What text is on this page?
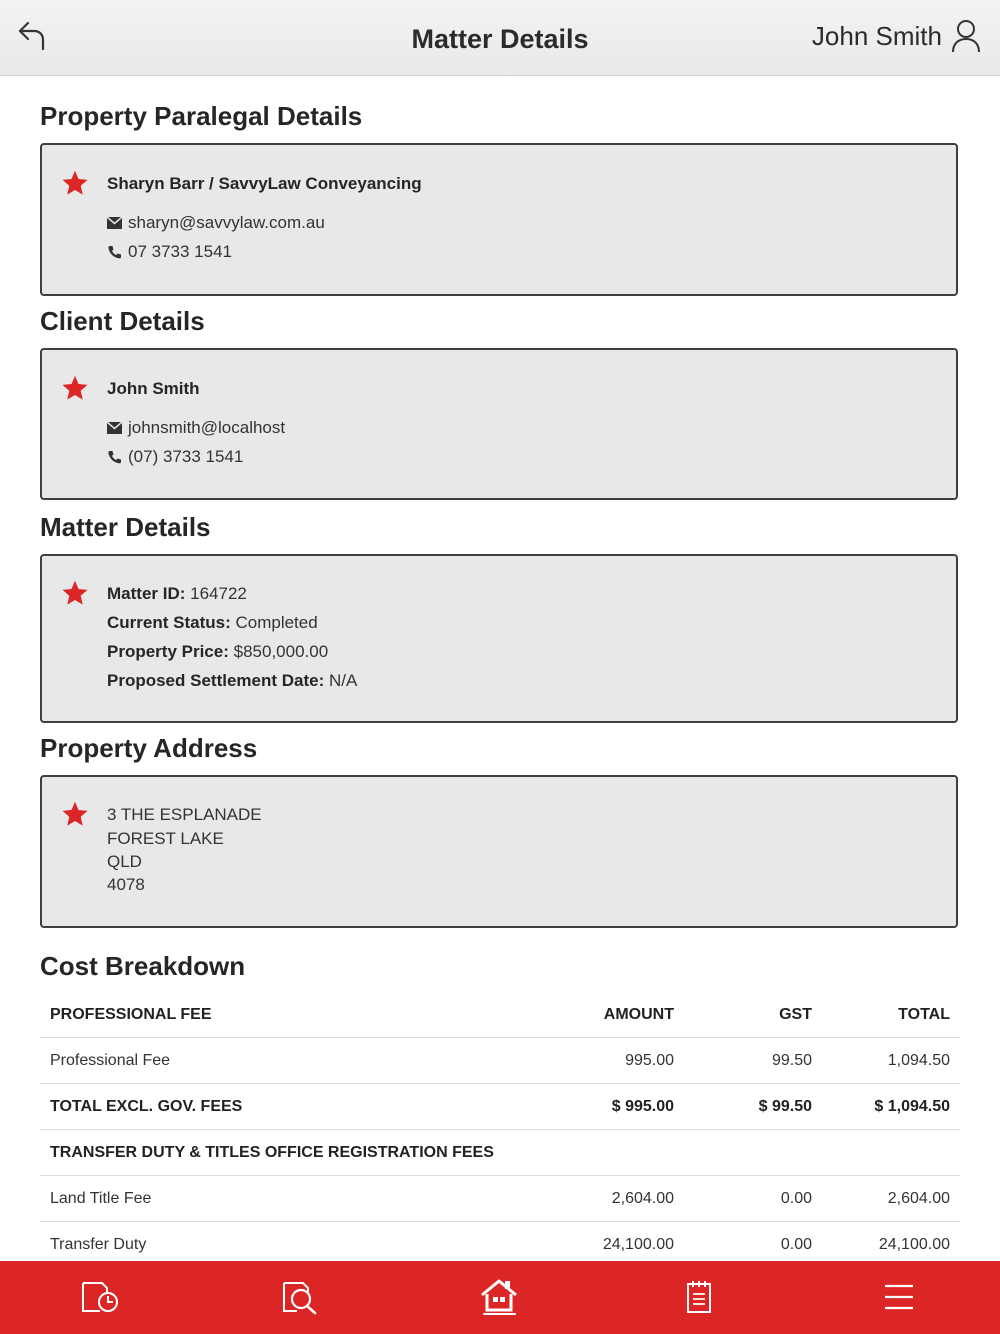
Matter Details	John Smith
Property Paralegal Details
Sharyn Barr / SavvyLaw Conveyancing
sharyn@savvylaw.com.au
07 3733 1541
Client Details
John Smith
johnsmith@localhost
(07) 3733 1541
Matter Details
Matter ID: 164722
Current Status: Completed
Property Price: $850,000.00
Proposed Settlement Date: N/A
Property Address
3 THE ESPLANADE
FOREST LAKE
QLD
4078
Cost Breakdown
PROFESSIONAL FEE	AMOUNT	GST	TOTAL
Professional Fee	995.00	99.50	1,094.50
TOTAL EXCL. GOV. FEES	$ 995.00	$ 99.50	$ 1,094.50
TRANSFER DUTY & TITLES OFFICE REGISTRATION FEES			
Land Title Fee	2,604.00	0.00	2,604.00
Transfer Duty	24,100.00	0.00	24,100.00
